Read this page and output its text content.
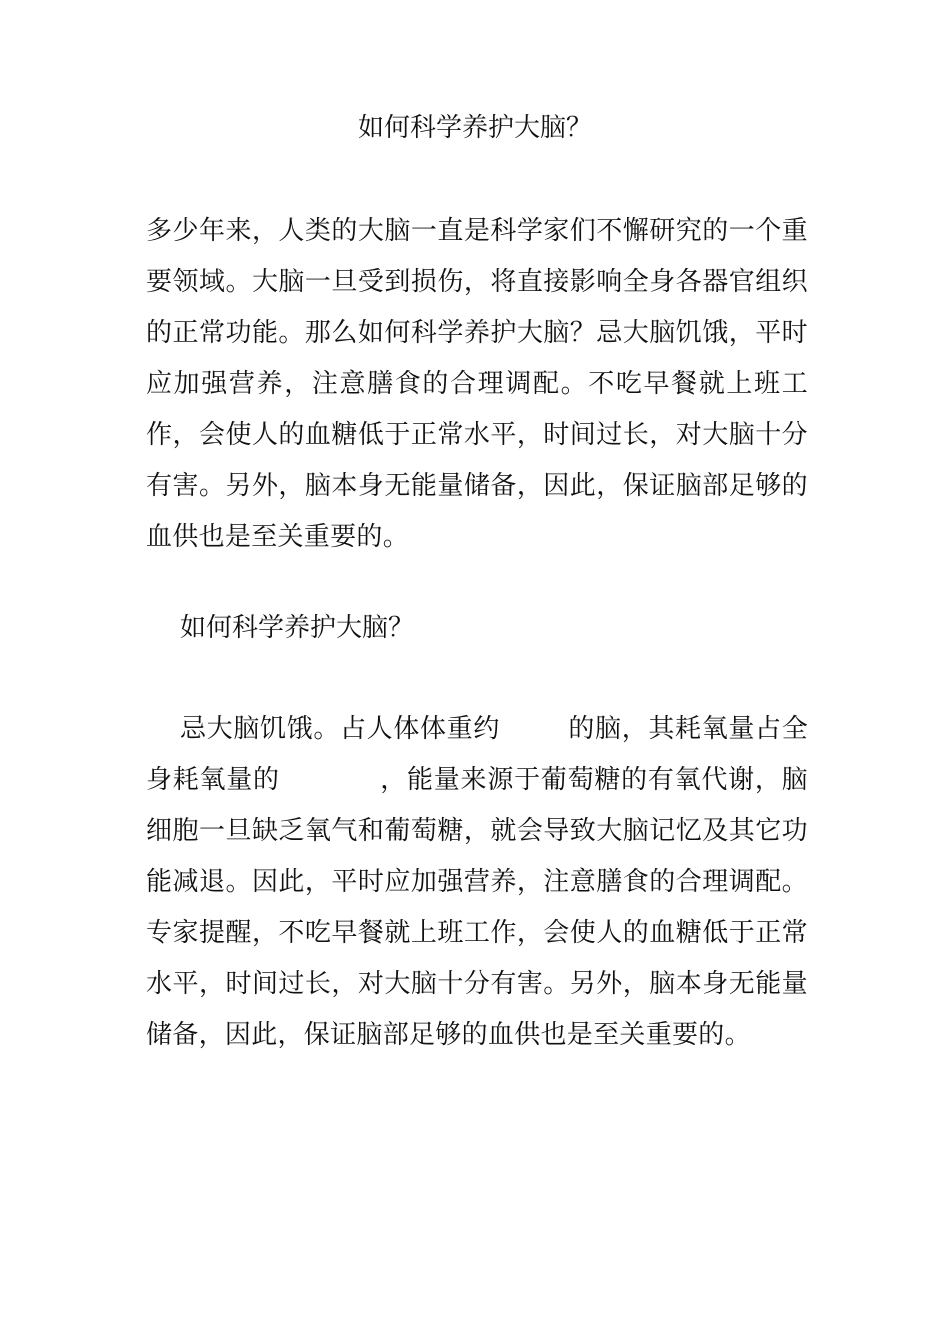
如何科学养护大脑？

多少年来，人类的大脑一直是科学家们不懈研究的一个重要领域。大脑一旦受到损伤，将直接影响全身各器官组织的正常功能。那么如何科学养护大脑？忌大脑饥饿，平时应加强营养，注意膳食的合理调配。不吃早餐就上班工作，会使人的血糖低于正常水平，时间过长，对大脑十分有害。另外，脑本身无能量储备，因此，保证脑部足够的血供也是至关重要的。

如何科学养护大脑？

忌大脑饥饿。占人体体重约	的脑，其耗氧量占全身耗氧量的	，能量来源于葡萄糖的有氧代谢，脑细胞一旦缺乏氧气和葡萄糖，就会导致大脑记忆及其它功能减退。因此，平时应加强营养，注意膳食的合理调配。专家提醒，不吃早餐就上班工作，会使人的血糖低于正常水平，时间过长，对大脑十分有害。另外，脑本身无能量储备，因此，保证脑部足够的血供也是至关重要的。
